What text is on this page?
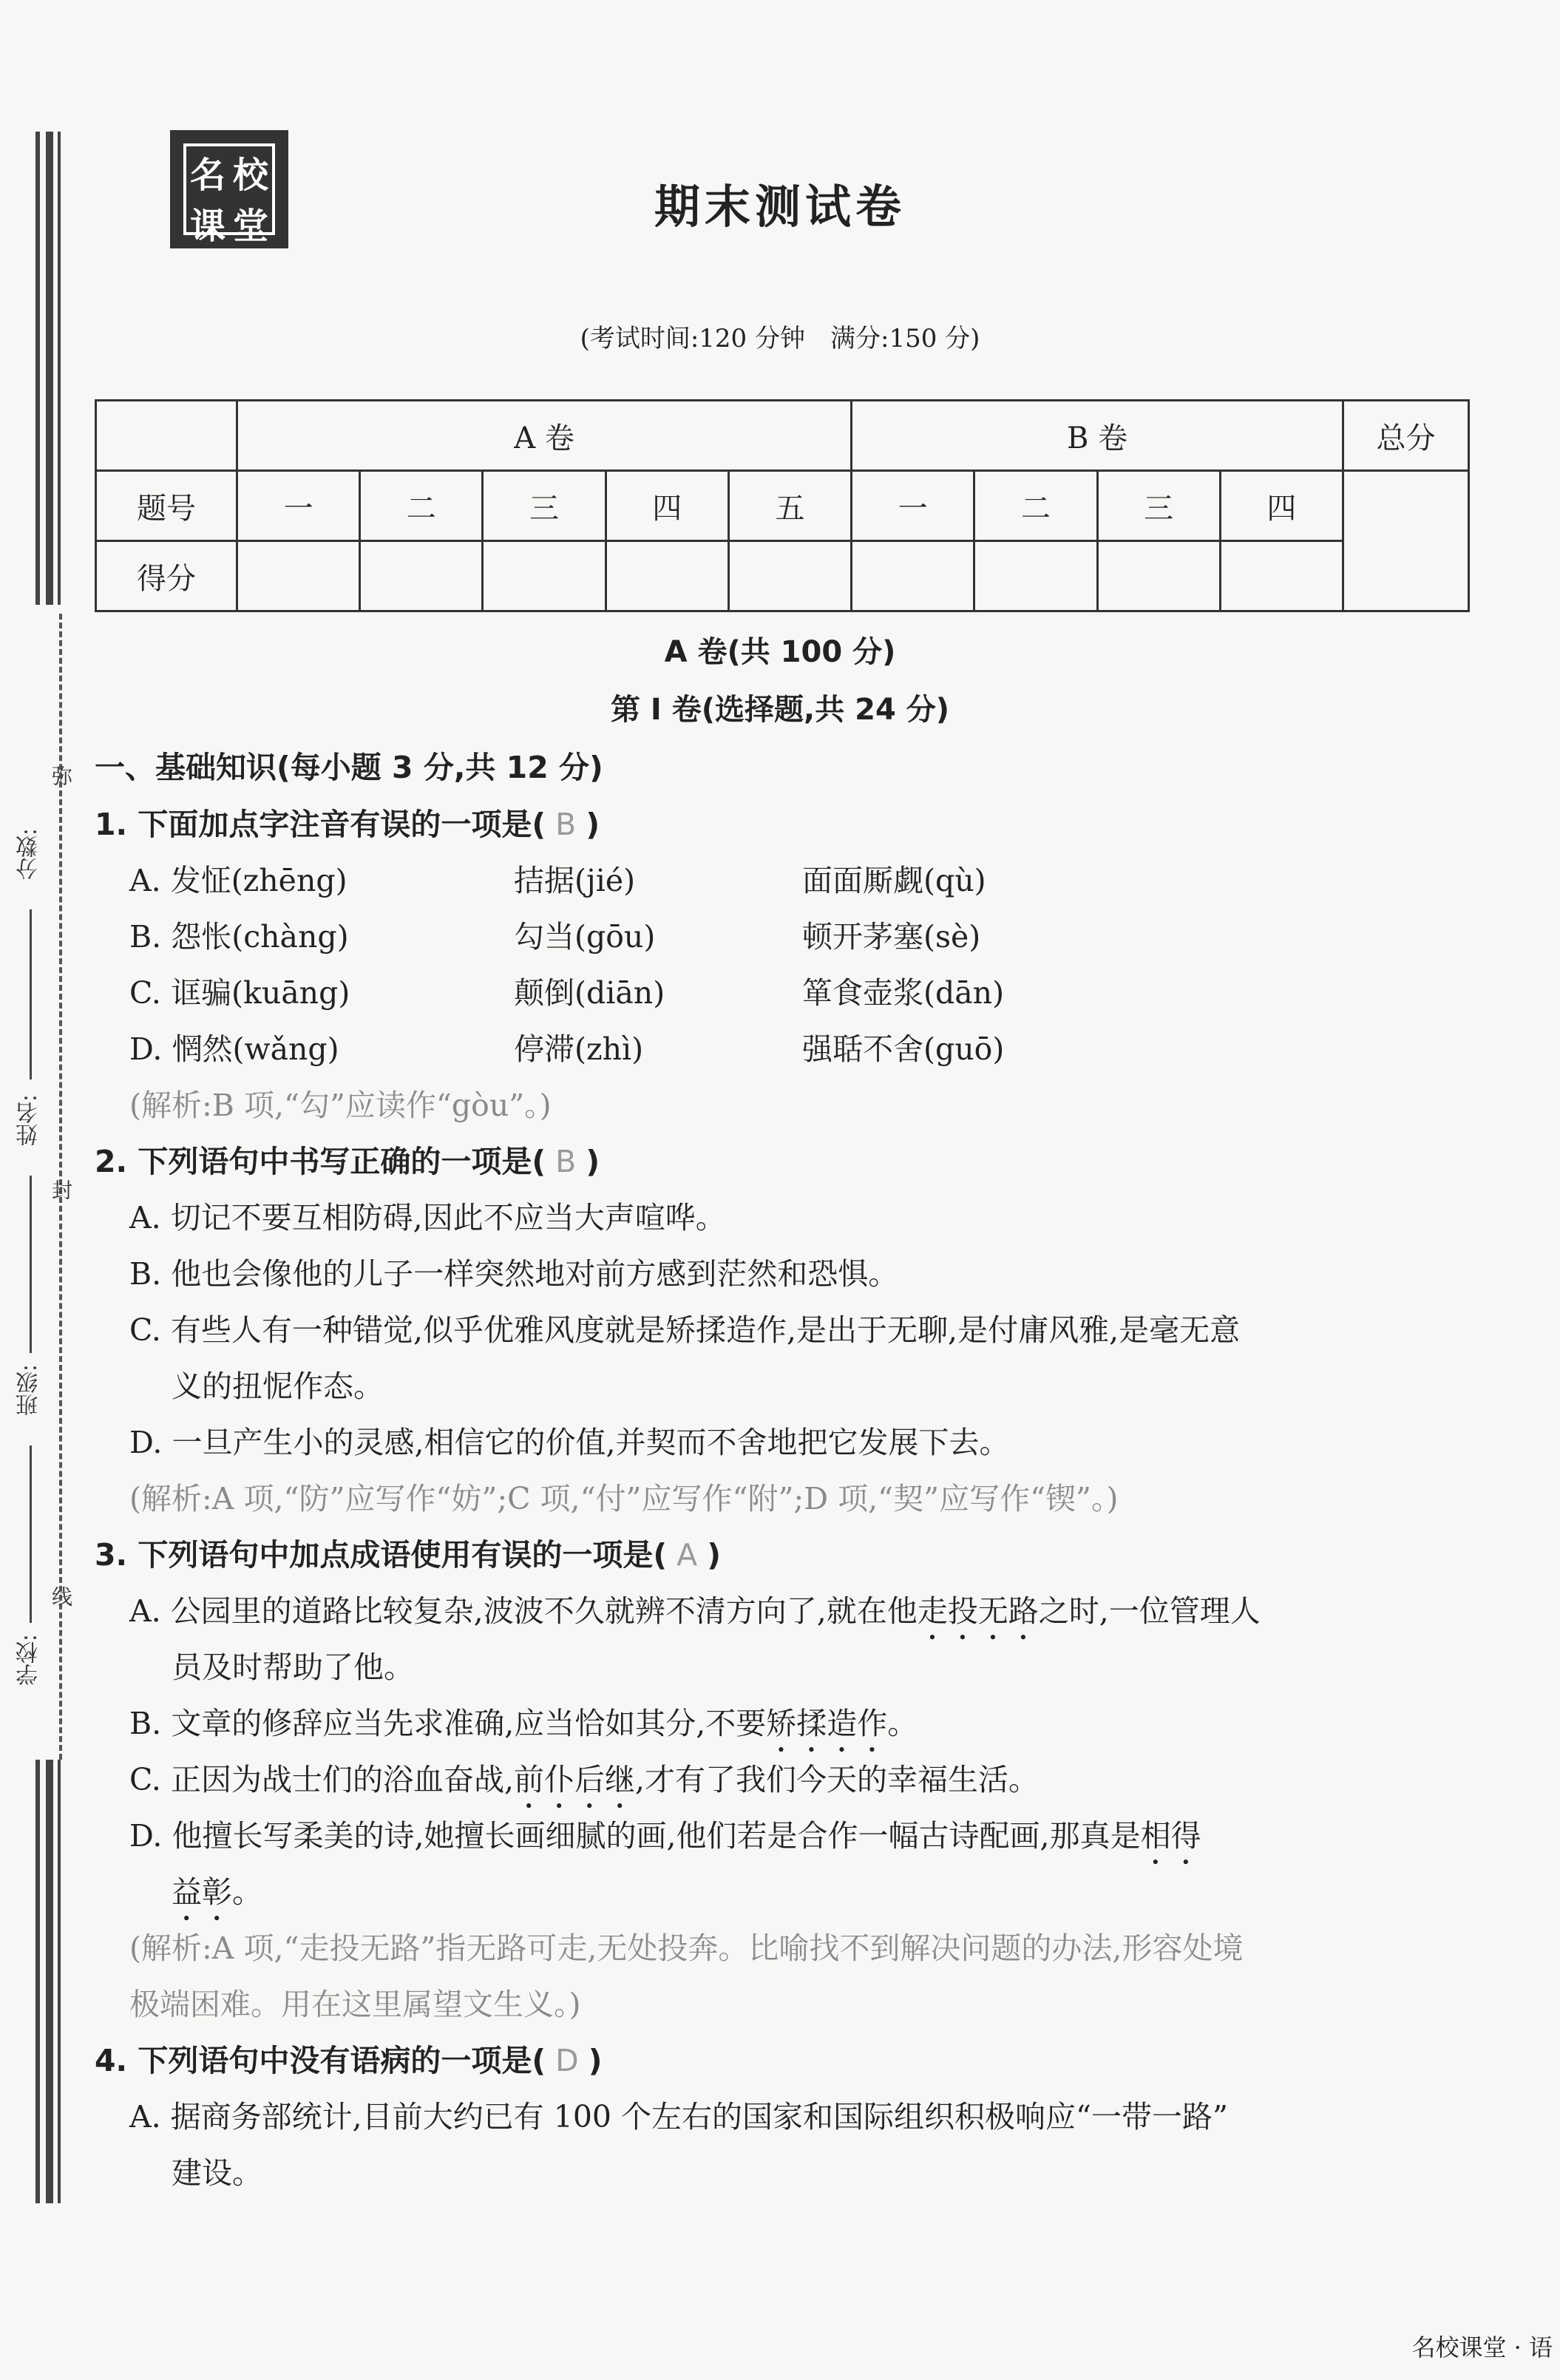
弥
封
线
分数:
姓名:
班级:
学校:
名 校
课 堂	期末测试卷
(考试时间:120 分钟　满分:150 分)
	A 卷					B 卷				总分
题号	一	二	三	四	五	一	二	三	四	
得分										
A 卷(共 100 分)
第 Ⅰ 卷(选择题,共 24 分)
一、基础知识(每小题 3 分,共 12 分)
1. 下面加点字注音有误的一项是( B )
A. 发怔(zhēng)	拮据(jié)	面面厮觑(qù)
B. 怨怅(chàng)	勾当(gōu)	顿开茅塞(sè)
C. 诓骗(kuāng)	颠倒(diān)	箪食壶浆(dān)
D. 惘然(wǎng)	停滞(zhì)	强聒不舍(guō)
(解析:B 项,“勾”应读作“gòu”。)
2. 下列语句中书写正确的一项是( B )
A. 切记不要互相防碍,因此不应当大声喧哗。
B. 他也会像他的儿子一样突然地对前方感到茫然和恐惧。
C. 有些人有一种错觉,似乎优雅风度就是矫揉造作,是出于无聊,是付庸风雅,是毫无意
义的扭怩作态。
D. 一旦产生小的灵感,相信它的价值,并契而不舍地把它发展下去。
(解析:A 项,“防”应写作“妨”;C 项,“付”应写作“附”;D 项,“契”应写作“锲”。)
3. 下列语句中加点成语使用有误的一项是( A )
A. 公园里的道路比较复杂,波波不久就辨不清方向了,就在他走投无路之时,一位管理人
员及时帮助了他。
B. 文章的修辞应当先求准确,应当恰如其分,不要矫揉造作。
C. 正因为战士们的浴血奋战,前仆后继,才有了我们今天的幸福生活。
D. 他擅长写柔美的诗,她擅长画细腻的画,他们若是合作一幅古诗配画,那真是相得
益彰。
(解析:A 项,“走投无路”指无路可走,无处投奔。比喻找不到解决问题的办法,形容处境
极端困难。用在这里属望文生义。)
4. 下列语句中没有语病的一项是( D )
A. 据商务部统计,目前大约已有 100 个左右的国家和国际组织积极响应“一带一路”
建设。
名校课堂 · 语
